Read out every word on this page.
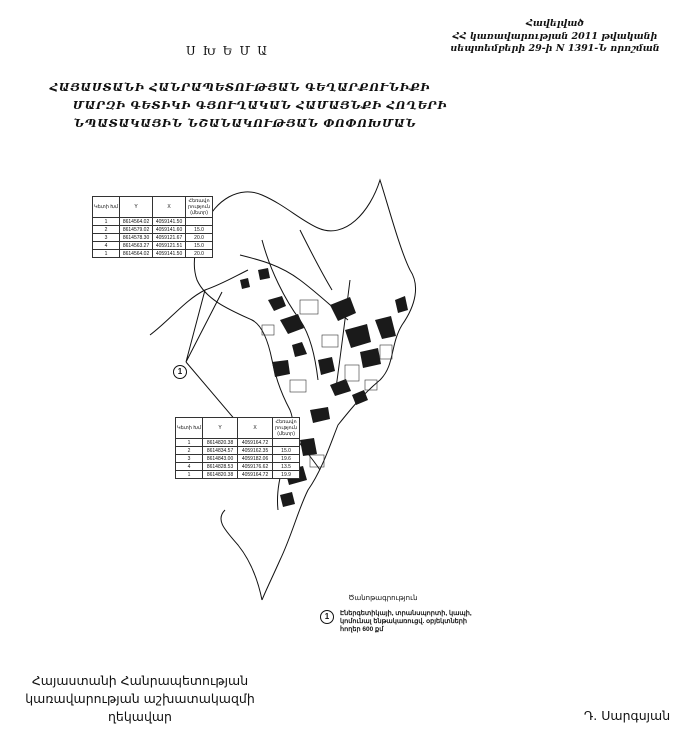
Հավելված
ՀՀ կառավարության 2011 թվականի
սեպտեմբերի 29-ի N 1391-Ն որոշման
ՍԽԵՄԱ
ՀԱՅԱՍՏԱՆԻ ՀԱՆՐԱՊԵՏՈՒԹՅԱՆ ԳԵՂԱՐՔՈՒՆԻՔԻ
ՄԱՐԶԻ ԳԵՏԻԿԻ ԳՅՈՒՂԱԿԱՆ ՀԱՄԱՅՆՔԻ ՀՈՂԵՐԻ
ՆՊԱՏԱԿԱՅԻՆ ՆՇԱՆԱԿՈՒԹՅԱՆ ՓՈՓՈԽՄԱՆ
Կետի Խմ	Y	X	Հեռավո րություն (մետր)
1	8614564.02	4059141.50	
2	8614579.02	4059141.60	15.0
3	8614578.30	4059121.67	20.0
4	8614563.27	4059121.51	15.0
1	8614564.02	4059141.50	20.0
Կետի Խմ	Y	X	Հեռավո րություն (մետր)
1	8614820.38	4059164.72	
2	8614834.57	4059162.35	15.0
3	8614843.00	4059182.06	19.6
4	8614828.53	4059176.62	13.5
1	8614820.38	4059164.72	19.9
1
Ծանոթագրություն
1	Էներգետիկայի, տրանսպորտի, կապի,
կոմունալ ենթակառուցվ. օբյեկտների
հողեր 600 քմ
Հայաստանի Հանրապետության
կառավարության աշխատակազմի
ղեկավար	Դ. Սարգսյան
